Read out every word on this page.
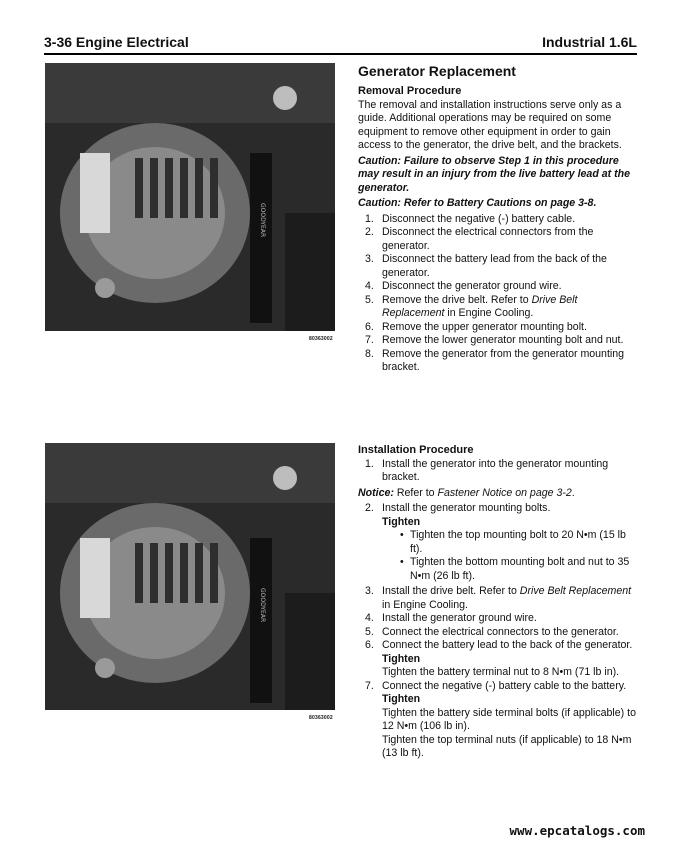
3-36 Engine Electrical	Industrial 1.6L
GOODYEAR
80363002
GOODYEAR
80363002

Generator Replacement

Removal Procedure

The removal and installation instructions serve only as a guide. Additional operations may be required on some equipment to remove other equipment in order to gain access to the generator, the drive belt, and the brackets.

Caution: Failure to observe Step 1 in this procedure may result in an injury from the live battery lead at the generator.

Caution: Refer to Battery Cautions on page 3-8.

1. Disconnect the negative (-) battery cable.
2. Disconnect the electrical connectors from the generator.
3. Disconnect the battery lead from the back of the generator.
4. Disconnect the generator ground wire.
5. Remove the drive belt. Refer to Drive Belt Replacement in Engine Cooling.
6. Remove the upper generator mounting bolt.
7. Remove the lower generator mounting bolt and nut.
8. Remove the generator from the generator mounting bracket.

Installation Procedure

1. Install the generator into the generator mounting bracket.

Notice: Refer to Fastener Notice on page 3-2.

2. Install the generator mounting bolts.

Tighten

• Tighten the top mounting bolt to 20 N•m (15 lb ft).

• Tighten the bottom mounting bolt and nut to 35 N•m (26 lb ft).

3. Install the drive belt. Refer to Drive Belt Replacement in Engine Cooling.
4. Install the generator ground wire.
5. Connect the electrical connectors to the generator.
6. Connect the battery lead to the back of the generator.

Tighten

Tighten the battery terminal nut to 8 N•m (71 lb in).

7. Connect the negative (-) battery cable to the battery.

Tighten

Tighten the battery side terminal bolts (if applicable) to 12 N•m (106 lb in).

Tighten the top terminal nuts (if applicable) to 18 N•m (13 lb ft).

www.epcatalogs.com
